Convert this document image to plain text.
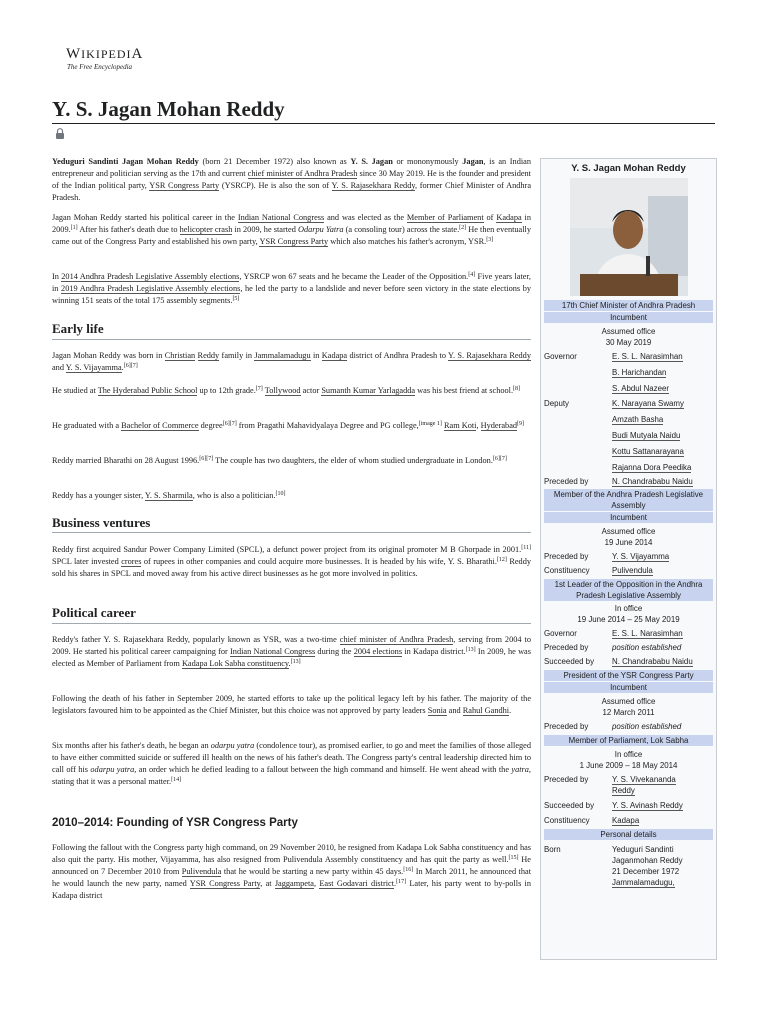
WIKIPEDIA
The Free Encyclopedia
Y. S. Jagan Mohan Reddy

Yeduguri Sandinti Jagan Mohan Reddy (born 21 December 1972) also known as Y. S. Jagan or mononymously Jagan, is an Indian entrepreneur and politician serving as the 17th and current chief minister of Andhra Pradesh since 30 May 2019. He is the founder and president of the Indian political party, YSR Congress Party (YSRCP). He is also the son of Y. S. Rajasekhara Reddy, former Chief Minister of Andhra Pradesh.

Jagan Mohan Reddy started his political career in the Indian National Congress and was elected as the Member of Parliament of Kadapa in 2009.[1] After his father's death due to helicopter crash in 2009, he started Odarpu Yatra (a consoling tour) across the state.[2] He then eventually came out of the Congress Party and established his own party, YSR Congress Party which also matches his father's acronym, YSR.[3]

In 2014 Andhra Pradesh Legislative Assembly elections, YSRCP won 67 seats and he became the Leader of the Opposition.[4] Five years later, in 2019 Andhra Pradesh Legislative Assembly elections, he led the party to a landslide and never before seen victory in the state elections by winning 151 seats of the total 175 assembly segments.[5]

Early life

Jagan Mohan Reddy was born in Christian Reddy family in Jammalamadugu in Kadapa district of Andhra Pradesh to Y. S. Rajasekhara Reddy and Y. S. Vijayamma.[6][7]

He studied at The Hyderabad Public School up to 12th grade.[7] Tollywood actor Sumanth Kumar Yarlagadda was his best friend at school.[8]

He graduated with a Bachelor of Commerce degree[6][7] from Pragathi Mahavidyalaya Degree and PG college,[image 1] Ram Koti, Hyderabad[9]

Reddy married Bharathi on 28 August 1996.[6][7] The couple has two daughters, the elder of whom studied undergraduate in London.[6][7]

Reddy has a younger sister, Y. S. Sharmila, who is also a politician.[10]

Business ventures

Reddy first acquired Sandur Power Company Limited (SPCL), a defunct power project from its original promoter M B Ghorpade in 2001.[11] SPCL later invested crores of rupees in other companies and could acquire more businesses. It is headed by his wife, Y. S. Bharathi.[12] Reddy sold his shares in SPCL and moved away from his active direct businesses as he got more involved in politics.

Political career

Reddy's father Y. S. Rajasekhara Reddy, popularly known as YSR, was a two-time chief minister of Andhra Pradesh, serving from 2004 to 2009. He started his political career campaigning for Indian National Congress during the 2004 elections in Kadapa district.[13] In 2009, he was elected as Member of Parliament from Kadapa Lok Sabha constituency.[13]

Following the death of his father in September 2009, he started efforts to take up the political legacy left by his father. The majority of the legislators favoured him to be appointed as the Chief Minister, but this choice was not approved by party leaders Sonia and Rahul Gandhi.

Six months after his father's death, he began an odarpu yatra (condolence tour), as promised earlier, to go and meet the families of those alleged to have either committed suicide or suffered ill health on the news of his father's death. The Congress party's central leadership directed him to call off his odarpu yatra, an order which he defied leading to a fallout between the high command and himself. He went ahead with the yatra, stating that it was a personal matter.[14]

2010–2014: Founding of YSR Congress Party

Following the fallout with the Congress party high command, on 29 November 2010, he resigned from Kadapa Lok Sabha constituency and has also quit the party. His mother, Vijayamma, has also resigned from Pulivendula Assembly constituency and has quit the party as well.[15] He announced on 7 December 2010 from Pulivendula that he would be starting a new party within 45 days.[16] In March 2011, he announced that he would launch the new party, named YSR Congress Party, at Jaggampeta, East Godavari district.[17] Later, his party went to by-polls in Kadapa district

Y. S. Jagan Mohan Reddy
17th Chief Minister of Andhra Pradesh
Incumbent
Assumed office
30 May 2019
Governor	E. S. L. Narasimhan
B. Harichandan
S. Abdul Nazeer
Deputy	K. Narayana Swamy
Amzath Basha
Budi Mutyala Naidu
Kottu Sattanarayana
Rajanna Dora Peedika
Preceded by	N. Chandrababu Naidu
Member of the Andhra Pradesh Legislative Assembly
Incumbent
Assumed office
19 June 2014
Preceded by	Y. S. Vijayamma
Constituency	Pulivendula
1st Leader of the Opposition in the Andhra Pradesh Legislative Assembly
In office
19 June 2014 – 25 May 2019
Governor	E. S. L. Narasimhan
Preceded by	position established
Succeeded by	N. Chandrababu Naidu
President of the YSR Congress Party
Incumbent
Assumed office
12 March 2011
Preceded by	position established
Member of Parliament, Lok Sabha
In office
1 June 2009 – 18 May 2014
Preceded by	Y. S. Vivekananda Reddy
Succeeded by	Y. S. Avinash Reddy
Constituency	Kadapa
Personal details
Born	Yeduguri Sandinti Jaganmohan Reddy
21 December 1972
Jammalamadugu,
